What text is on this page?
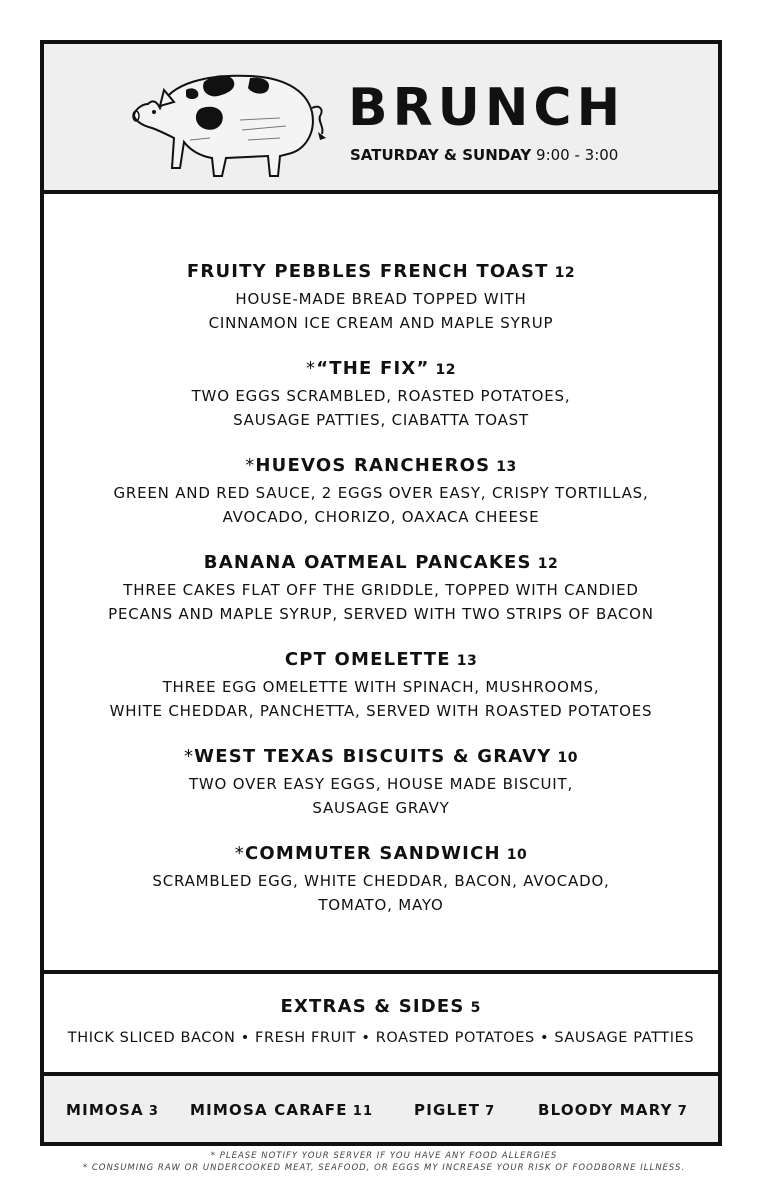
BRUNCH
SATURDAY & SUNDAY 9:00 - 3:00
FRUITY PEBBLES FRENCH TOAST 12
HOUSE-MADE BREAD TOPPED WITH
CINNAMON ICE CREAM AND MAPLE SYRUP
*“THE FIX” 12
TWO EGGS SCRAMBLED, ROASTED POTATOES,
SAUSAGE PATTIES, CIABATTA TOAST
*HUEVOS RANCHEROS 13
GREEN AND RED SAUCE, 2 EGGS OVER EASY, CRISPY TORTILLAS,
AVOCADO, CHORIZO, OAXACA CHEESE
BANANA OATMEAL PANCAKES 12
THREE CAKES FLAT OFF THE GRIDDLE, TOPPED WITH CANDIED
PECANS AND MAPLE SYRUP, SERVED WITH TWO STRIPS OF BACON
CPT OMELETTE 13
THREE EGG OMELETTE WITH SPINACH, MUSHROOMS,
WHITE CHEDDAR, PANCHETTA, SERVED WITH ROASTED POTATOES
*WEST TEXAS BISCUITS & GRAVY 10
TWO OVER EASY EGGS, HOUSE MADE BISCUIT,
SAUSAGE GRAVY
*COMMUTER SANDWICH 10
SCRAMBLED EGG, WHITE CHEDDAR, BACON, AVOCADO,
TOMATO, MAYO
EXTRAS & SIDES 5
THICK SLICED BACON • FRESH FRUIT • ROASTED POTATOES • SAUSAGE PATTIES
MIMOSA 3 MIMOSA CARAFE 11	PIGLET 7	BLOODY MARY 7
* PLEASE NOTIFY YOUR SERVER IF YOU HAVE ANY FOOD ALLERGIES
* CONSUMING RAW OR UNDERCOOKED MEAT, SEAFOOD, OR EGGS MY INCREASE YOUR RISK OF FOODBORNE ILLNESS.
